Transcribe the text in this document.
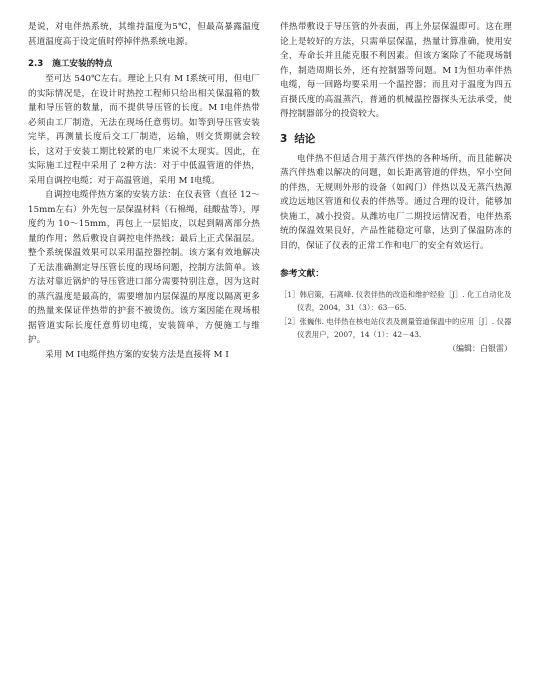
是说，对电伴热系统，其维持温度为5℃，但最高暴露温度甚道温度高于设定值时停掉伴热系统电源。

2.3 施工安装的特点

至可达 540℃左右。理论上只有 M I系统可用，但电厂的实际情况是，在设计时热控工程师只给出相关保温箱的数量和导压管的数量，而不提供导压管的长度。M I电伴热带必须由工厂制造，无法在现场任意剪切。如等到导压管安装完毕，再测量长度后交工厂制造，运输，则交货期就会较长，这对于安装工期比较紧的电厂来说不太现实。因此，在实际施工过程中采用了 2种方法：对于中低温管道的伴热，采用自调控电缆；对于高温管道，采用 M I电缆。

自调控电缆伴热方案的安装方法：在仪表管（直径 12～15mm左右）外先包一层保温材料（石棉绳，硅酸盐等），厚度约为 10～15mm，再包上一层铝皮，以起到隔离部分热量的作用；然后敷设自调控电伴热线；最后上正式保温层。整个系统保温效果可以采用温控器控制。该方案有效地解决了无法准确测定导压管长度的现场问题，控制方法简单。该方法对靠近锅炉的导压管进口部分需要特别注意，因为这时的蒸汽温度是最高的，需要增加内层保温的厚度以隔离更多的热量来保证伴热带的护套不被烫伤。该方案因能在现场根据管道实际长度任意剪切电缆，安装简单，方便施工与维护。

采用 M I电缆伴热方案的安装方法是直接将 M I

伴热带敷设于导压管的外表面，再上外层保温即可。这在理论上是较好的方法，只需单层保温，热量计算准确，使用安全，寿命长并且能克服不利因素。但该方案除了不能现场制作，制造周期长外，还有控制器等问题。M I为恒功率伴热电缆，每一回路均要采用一个温控器；而且对于温度为四五百摄氏度的高温蒸汽，普通的机械温控器探头无法承受，使得控制器部分的投资较大。

3 结论

电伴热不但适合用于蒸汽伴热的各种场所，而且能解决蒸汽伴热难以解决的问题，如长距离管道的伴热，窄小空间的伴热，无规则外形的设备（如阀门）伴热以及无蒸汽热源或边远地区管道和仪表的伴热等。通过合理的设计，能够加快施工，减小投资。从潍坊电厂二期投运情况看，电伴热系统的保温效果良好，产品性能稳定可靠，达到了保温防冻的目的，保证了仪表的正常工作和电厂的安全有效运行。

参考文献：

［1］韩启策，石离峰. 仪表伴热的改造和维护经验［J］. 化工自动化及仪表，2004，31（3）：63－65.

［2］张巍伟. 电伴热在核电站仪表及测量管道保温中的应用［J］. 仪器仪表用户，2007，14（1）：42－43.

（编辑：白银雷）
